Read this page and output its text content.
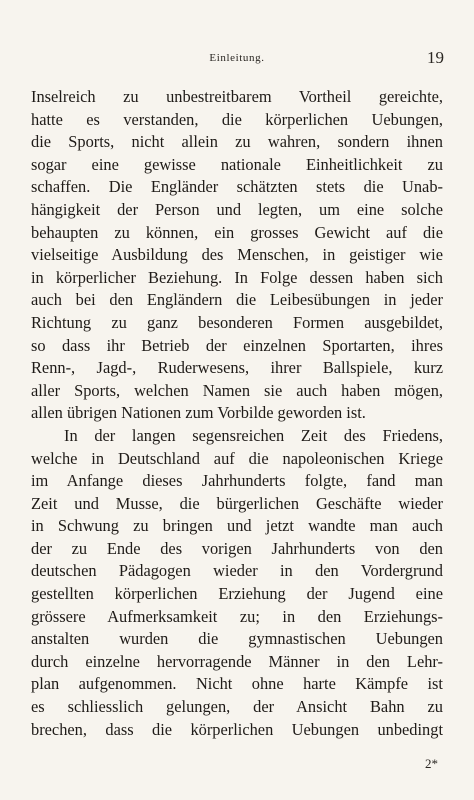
Einleitung.	19
Inselreich zu unbestreitbarem Vortheil gereichte,
hatte es verstanden, die körperlichen Uebungen,
die Sports, nicht allein zu wahren, sondern ihnen
sogar eine gewisse nationale Einheitlichkeit zu
schaffen. Die Engländer schätzten stets die Unab-
hängigkeit der Person und legten, um eine solche
behaupten zu können, ein grosses Gewicht auf die
vielseitige Ausbildung des Menschen, in geistiger wie
in körperlicher Beziehung. In Folge dessen haben sich
auch bei den Engländern die Leibesübungen in jeder
Richtung zu ganz besonderen Formen ausgebildet,
so dass ihr Betrieb der einzelnen Sportarten, ihres
Renn-, Jagd-, Ruderwesens, ihrer Ballspiele, kurz
aller Sports, welchen Namen sie auch haben mögen,
allen übrigen Nationen zum Vorbilde geworden ist.
In der langen segensreichen Zeit des Friedens,
welche in Deutschland auf die napoleonischen Kriege
im Anfange dieses Jahrhunderts folgte, fand man
Zeit und Musse, die bürgerlichen Geschäfte wieder
in Schwung zu bringen und jetzt wandte man auch
der zu Ende des vorigen Jahrhunderts von den
deutschen Pädagogen wieder in den Vordergrund
gestellten körperlichen Erziehung der Jugend eine
grössere Aufmerksamkeit zu; in den Erziehungs-
anstalten wurden die gymnastischen Uebungen
durch einzelne hervorragende Männer in den Lehr-
plan aufgenommen. Nicht ohne harte Kämpfe ist
es schliesslich gelungen, der Ansicht Bahn zu
brechen, dass die körperlichen Uebungen unbedingt
2*
